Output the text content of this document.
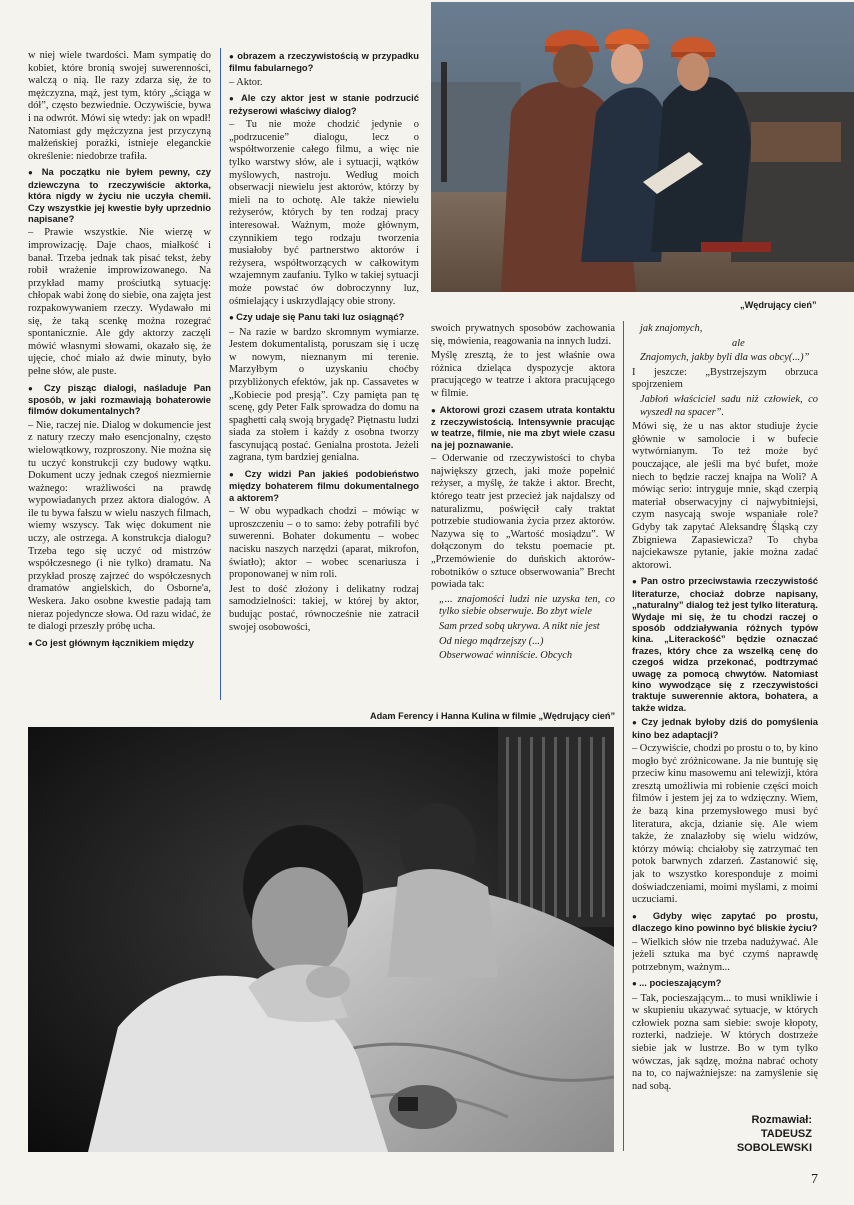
w niej wiele twardości. Mam sympatię do kobiet, które bronią swojej suwerenności, walczą o nią. Ile razy zdarza się, że to mężczyzna, mąż, jest tym, który „ściąga w dół”, często bezwiednie. Oczywiście, bywa i na odwrót. Mówi się wtedy: jak on wpadł! Natomiast gdy mężczyzna jest przyczyną małżeńskiej porażki, istnieje eleganckie określenie: niedobrze trafiła.

● Na początku nie byłem pewny, czy dziewczyna to rzeczywiście aktorka, która nigdy w życiu nie uczyła chemii. Czy wszystkie jej kwestie były uprzednio napisane?

– Prawie wszystkie. Nie wierzę w improwizację. Daje chaos, miałkość i banał. Trzeba jednak tak pisać tekst, żeby robił wrażenie improwizowanego. Na przykład mamy prościutką sytuację: chłopak wabi żonę do siebie, ona zajęta jest rozpakowywaniem rzeczy. Wydawało mi się, że taką scenkę można rozegrać spontanicznie. Ale gdy aktorzy zaczęli mówić własnymi słowami, okazało się, że ujęcie, choć miało aż dwie minuty, było pełne słów, ale puste.

● Czy pisząc dialogi, naśladuje Pan sposób, w jaki rozmawiają bohaterowie filmów dokumentalnych?

– Nie, raczej nie. Dialog w dokumencie jest z natury rzeczy mało esencjonalny, często wielowątkowy, rozproszony. Nie można się tu uczyć konstrukcji czy budowy wątku. Dokument uczy jednak czegoś niezmiernie ważnego: wrażliwości na prawdę wypowiadanych przez aktora dialogów. A ile tu bywa fałszu w wielu naszych filmach, wiemy wszyscy. Tak więc dokument nie uczy, ale ostrzega. A konstrukcja dialogu? Trzeba tego się uczyć od mistrzów współczesnego (i nie tylko) dramatu. Na przykład proszę zajrzeć do współczesnych dramatów angielskich, do Osborne'a, Weskera. Jako osobne kwestie padają tam nieraz pojedyncze słowa. Od razu widać, że te dialogi przeszły próbę ucha.

● Co jest głównym łącznikiem między

● obrazem a rzeczywistością w przypadku filmu fabularnego?

– Aktor.

● Ale czy aktor jest w stanie podrzucić reżyserowi właściwy dialog?

– Tu nie może chodzić jedynie o „podrzucenie” dialogu, lecz o współtworzenie całego filmu, a więc nie tylko warstwy słów, ale i sytuacji, wątków myślowych, nastroju. Według moich obserwacji niewielu jest aktorów, którzy by mieli na to ochotę. Ale także niewielu reżyserów, których by ten rodzaj pracy interesował. Ważnym, może głównym, czynnikiem tego rodzaju tworzenia musiałoby być partnerstwo aktorów i reżysera, współtworzących w całkowitym wzajemnym zaufaniu. Tylko w takiej sytuacji może powstać ów dobroczynny luz, ośmielający i uskrzydlający obie strony.

● Czy udaje się Panu taki luz osiągnąć?

– Na razie w bardzo skromnym wymiarze. Jestem dokumentalistą, poruszam się i uczę w nowym, nieznanym mi terenie. Marzyłbym o uzyskaniu choćby przybliżonych efektów, jak np. Cassavetes w „Kobiecie pod presją”. Czy pamięta pan tę scenę, gdy Peter Falk sprowadza do domu na spaghetti całą swoją brygadę? Piętnastu ludzi siada za stołem i każdy z osobna tworzy fascynującą postać. Genialna prostota. Jeżeli zagrana, tym bardziej genialna.

● Czy widzi Pan jakieś podobieństwo między bohaterem filmu dokumentalnego a aktorem?

– W obu wypadkach chodzi – mówiąc w uproszczeniu – o to samo: żeby potrafili być suwerenni. Bohater dokumentu – wobec nacisku naszych narzędzi (aparat, mikrofon, światło); aktor – wobec scenariusza i proponowanej w nim roli.

Jest to dość złożony i delikatny rodzaj samodzielności: takiej, w której by aktor, budując postać, równocześnie nie zatracił swojej osobowości,

„Wędrujący cień”

swoich prywatnych sposobów zachowania się, mówienia, reagowania na innych ludzi.

Myślę zresztą, że to jest właśnie owa różnica dzieląca dyspozycje aktora pracującego w teatrze i aktora pracującego w filmie.

● Aktorowi grozi czasem utrata kontaktu z rzeczywistością. Intensywnie pracując w teatrze, filmie, nie ma zbyt wiele czasu na jej poznawanie.

– Oderwanie od rzeczywistości to chyba największy grzech, jaki może popełnić reżyser, a myślę, że także i aktor. Brecht, którego teatr jest przecież jak najdalszy od naturalizmu, poświęcił cały traktat potrzebie studiowania życia przez aktorów. Nazywa się to „Wartość mosiądzu”. W dołączonym do tekstu poemacie pt. „Przemówienie do duńskich aktorów-robotników o sztuce obserwowania” Brecht powiada tak:

„... znajomości ludzi nie uzyska ten, co tylko siebie obserwuje. Bo zbyt wiele

Sam przed sobą ukrywa. A nikt nie jest

Od niego mądrzejszy (...)

Obserwować winniście. Obcych

jak znajomych,

ale

Znajomych, jakby byli dla was obcy(...)”

I jeszcze: „Bystrzejszym obrzuca spojrzeniem

Jabłoń właściciel sadu niż człowiek, co wyszedł na spacer”.

Mówi się, że u nas aktor studiuje życie głównie w samolocie i w bufecie wytwórnianym. To też może być pouczające, ale jeśli ma być bufet, może niech to będzie raczej knajpa na Woli? A mówiąc serio: intryguje mnie, skąd czerpią materiał obserwacyjny ci najwybitniejsi, czym nasycają swoje wspaniałe role? Gdyby tak zapytać Aleksandrę Śląską czy Zbigniewa Zapasiewicza? To chyba najciekawsze pytanie, jakie można zadać aktorowi.

● Pan ostro przeciwstawia rzeczywistość literaturze, chociaż dobrze napisany, „naturalny” dialog też jest tylko literaturą. Wydaje mi się, że tu chodzi raczej o sposób oddziaływania różnych typów kina. „Literackość” będzie oznaczać frazes, który chce za wszelką cenę do czegoś widza przekonać, podtrzymać uwagę za pomocą chwytów. Natomiast kino wywodzące się z rzeczywistości traktuje suwerennie aktora, bohatera, a także widza.

● Czy jednak byłoby dziś do pomyślenia kino bez adaptacji?

– Oczywiście, chodzi po prostu o to, by kino mogło być zróżnicowane. Ja nie buntuję się przeciw kinu masowemu ani telewizji, która zresztą umożliwia mi robienie części moich filmów i jestem jej za to wdzięczny. Wiem, że bazą kina przemysłowego musi być literatura, akcja, dzianie się. Ale wiem także, że znalazłoby się wielu widzów, którzy mówią: chciałoby się zatrzymać ten potok barwnych zdarzeń. Zastanowić się, jak to wszystko koresponduje z moimi doświadczeniami, moimi myślami, z moimi uczuciami.

● Gdyby więc zapytać po prostu, dlaczego kino powinno być bliskie życiu?

– Wielkich słów nie trzeba nadużywać. Ale jeżeli sztuka ma być czymś naprawdę potrzebnym, ważnym...

● ... pocieszającym?

– Tak, pocieszającym... to musi wnikliwie i w skupieniu ukazywać sytuacje, w których człowiek pozna sam siebie: swoje kłopoty, rozterki, nadzieje. W których dostrzeże siebie jak w lustrze. Bo w tym tylko wówczas, jak sądzę, można nabrać ochoty na to, co najważniejsze: na zamyślenie się nad sobą.

Adam Ferency i Hanna Kulina w filmie „Wędrujący cień”
Rozmawiał:
TADEUSZ
SOBOLEWSKI
7
